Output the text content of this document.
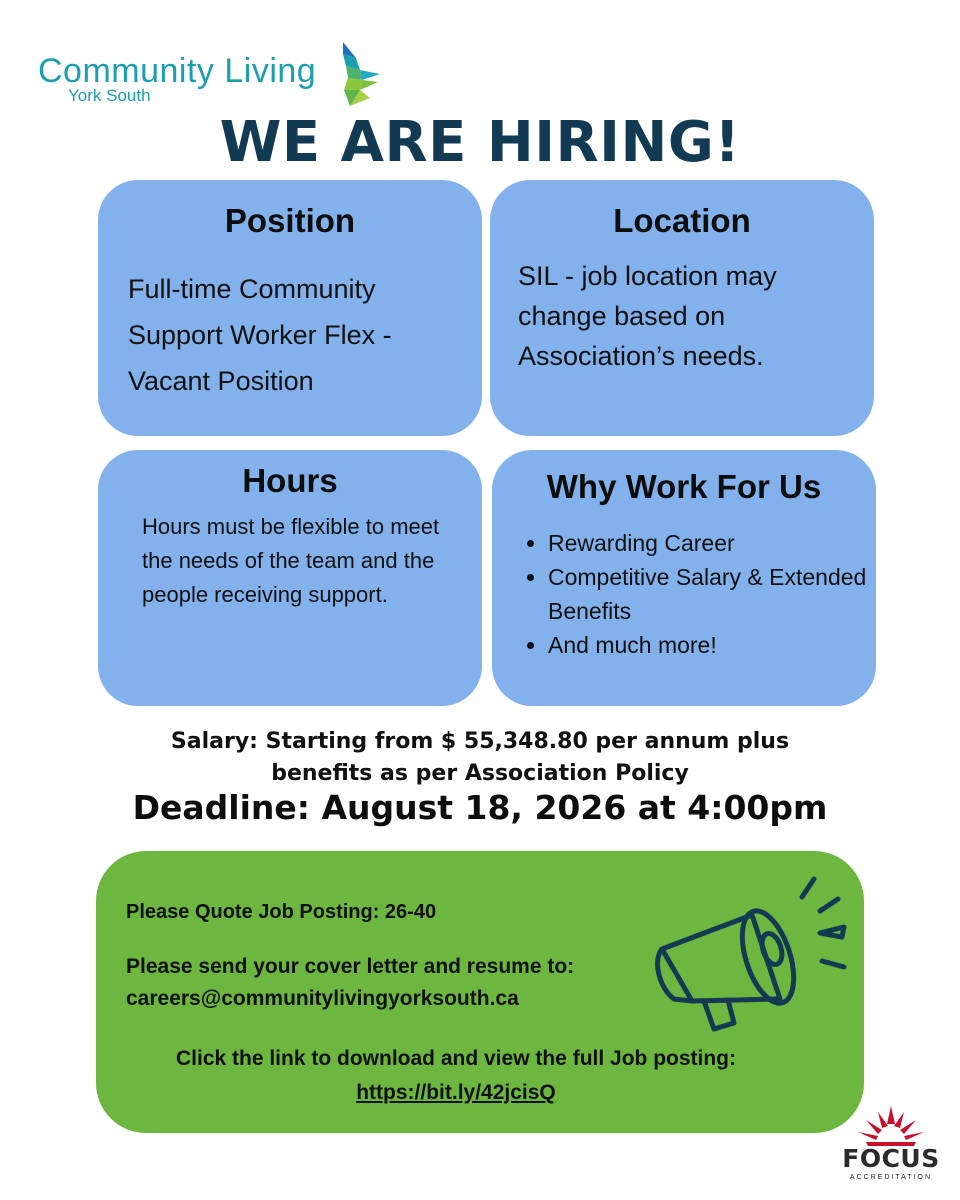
Community Living
York South
WE ARE HIRING!
Position

Full-time Community Support Worker Flex - Vacant Position

Location

SIL - job location may change based on Association’s needs.

Hours

Hours must be flexible to meet the needs of the team and the people receiving support.

Why Work For Us
• Rewarding Career
• Competitive Salary & Extended Benefits
• And much more!
Salary: Starting from $ 55,348.80 per annum plus
benefits as per Association Policy
Deadline: August 18, 2026 at 4:00pm
Please Quote Job Posting: 26-40
Please send your cover letter and resume to:
careers@communitylivingyorksouth.ca
Click the link to download and view the full Job posting:
https://bit.ly/42jcisQ
FOCUS
ACCREDITATION
